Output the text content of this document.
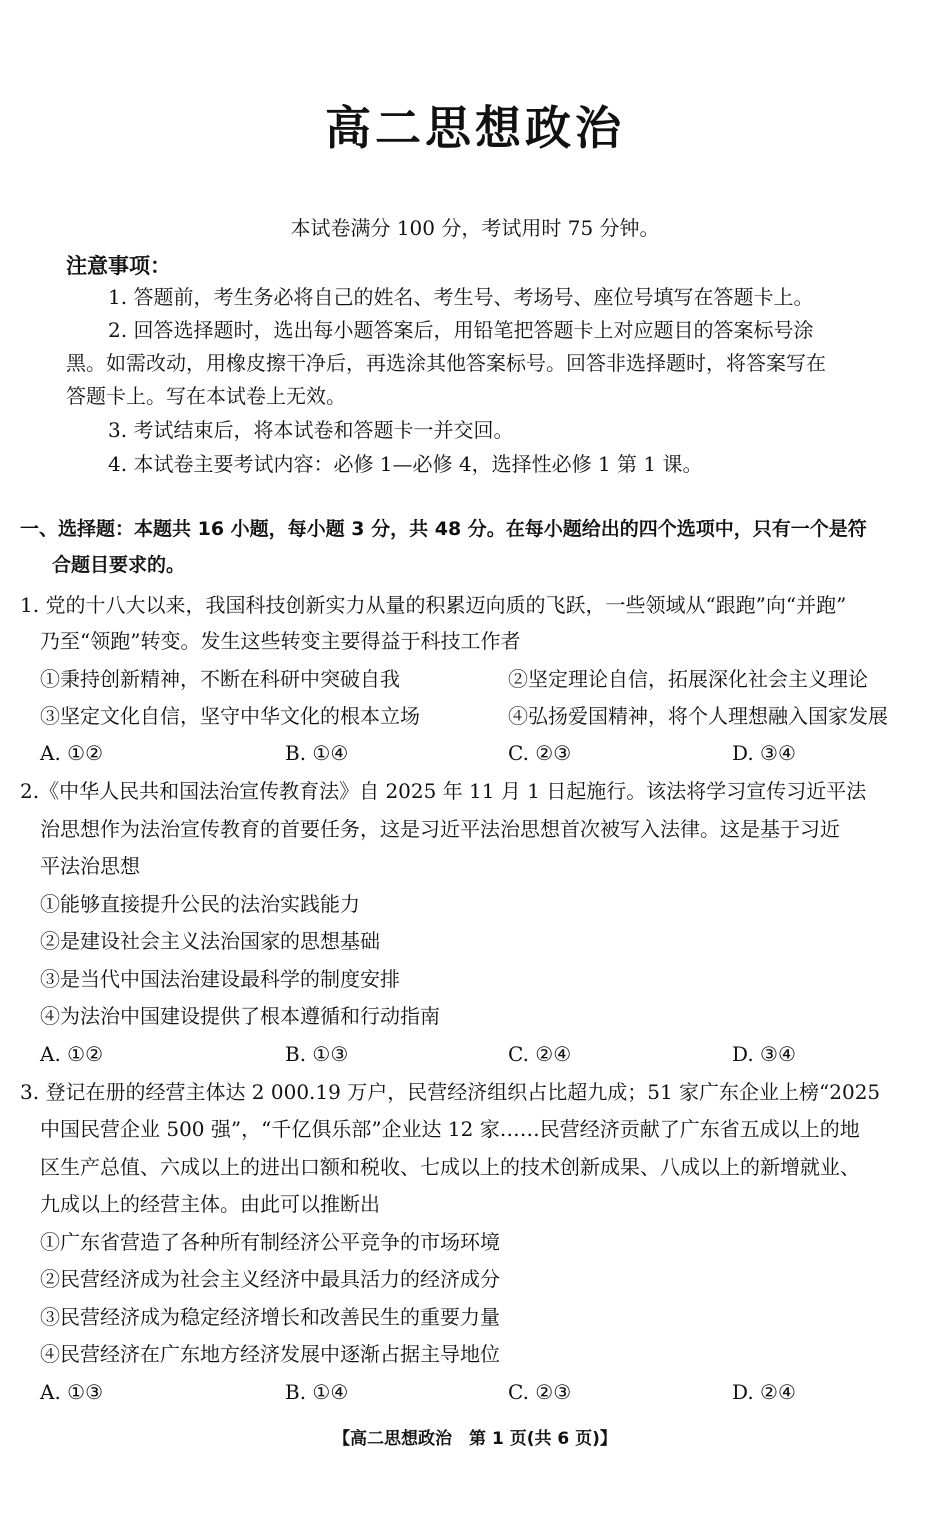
高二思想政治
本试卷满分 100 分，考试用时 75 分钟。
注意事项：
1. 答题前，考生务必将自己的姓名、考生号、考场号、座位号填写在答题卡上。
2. 回答选择题时，选出每小题答案后，用铅笔把答题卡上对应题目的答案标号涂
黑。如需改动，用橡皮擦干净后，再选涂其他答案标号。回答非选择题时，将答案写在
答题卡上。写在本试卷上无效。
3. 考试结束后，将本试卷和答题卡一并交回。
4. 本试卷主要考试内容：必修 1—必修 4，选择性必修 1 第 1 课。
一、选择题：本题共 16 小题，每小题 3 分，共 48 分。在每小题给出的四个选项中，只有一个是符
合题目要求的。
1. 党的十八大以来，我国科技创新实力从量的积累迈向质的飞跃，一些领域从“跟跑”向“并跑”
乃至“领跑”转变。发生这些转变主要得益于科技工作者
①秉持创新精神，不断在科研中突破自我	②坚定理论自信，拓展深化社会主义理论
③坚定文化自信，坚守中华文化的根本立场	④弘扬爱国精神，将个人理想融入国家发展
A. ①②	B. ①④	C. ②③	D. ③④
2.《中华人民共和国法治宣传教育法》自 2025 年 11 月 1 日起施行。该法将学习宣传习近平法
治思想作为法治宣传教育的首要任务，这是习近平法治思想首次被写入法律。这是基于习近
平法治思想
①能够直接提升公民的法治实践能力
②是建设社会主义法治国家的思想基础
③是当代中国法治建设最科学的制度安排
④为法治中国建设提供了根本遵循和行动指南
A. ①②	B. ①③	C. ②④	D. ③④
3. 登记在册的经营主体达 2 000.19 万户，民营经济组织占比超九成；51 家广东企业上榜“2025
中国民营企业 500 强”，“千亿俱乐部”企业达 12 家……民营经济贡献了广东省五成以上的地
区生产总值、六成以上的进出口额和税收、七成以上的技术创新成果、八成以上的新增就业、
九成以上的经营主体。由此可以推断出
①广东省营造了各种所有制经济公平竞争的市场环境
②民营经济成为社会主义经济中最具活力的经济成分
③民营经济成为稳定经济增长和改善民生的重要力量
④民营经济在广东地方经济发展中逐渐占据主导地位
A. ①③	B. ①④	C. ②③	D. ②④
【高二思想政治　第 1 页(共 6 页)】
